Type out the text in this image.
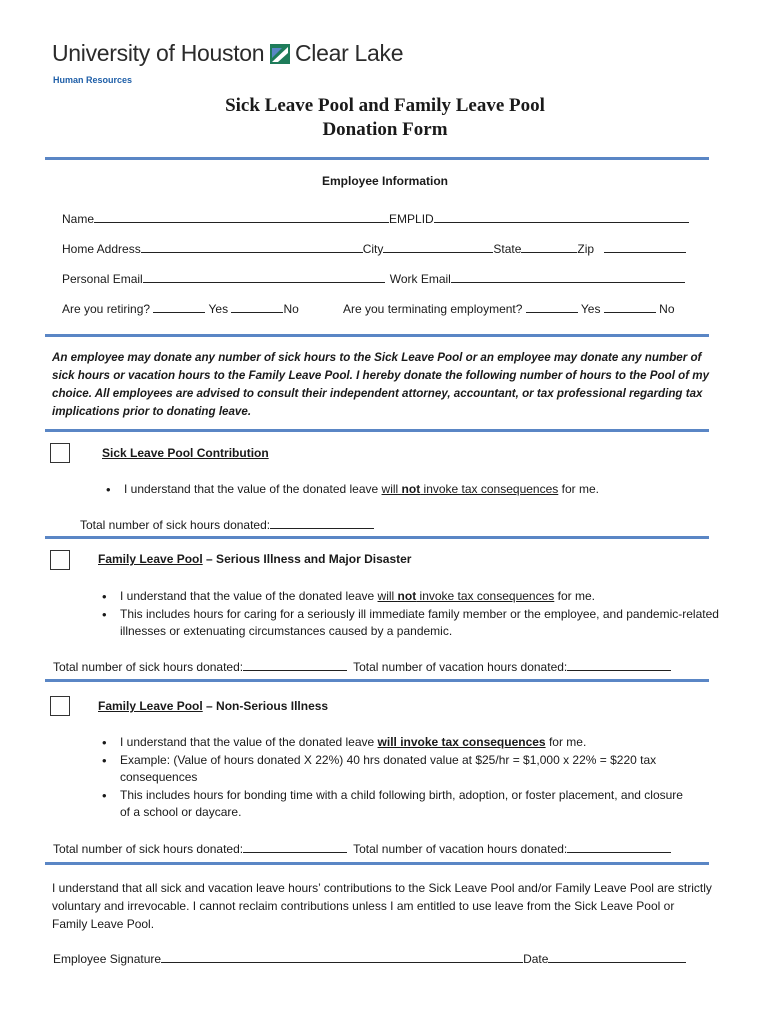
University of Houston Clear Lake
Human Resources
Sick Leave Pool and Family Leave Pool
Donation Form
Employee Information
Name	EMPLID
Home Address	City	State	Zip
Personal Email	Work Email
Are you retiring?	Yes	No	Are you terminating employment?	Yes	No
An employee may donate any number of sick hours to the Sick Leave Pool or an employee may donate any number of sick hours or vacation hours to the Family Leave Pool. I hereby donate the following number of hours to the Pool of my choice. All employees are advised to consult their independent attorney, accountant, or tax professional regarding tax implications prior to donating leave.
Sick Leave Pool Contribution
• I understand that the value of the donated leave will not invoke tax consequences for me.
Total number of sick hours donated:
Family Leave Pool – Serious Illness and Major Disaster
• I understand that the value of the donated leave will not invoke tax consequences for me.
• This includes hours for caring for a seriously ill immediate family member or the employee, and pandemic-related illnesses or extenuating circumstances caused by a pandemic.
Total number of sick hours donated:	Total number of vacation hours donated:
Family Leave Pool – Non-Serious Illness
• I understand that the value of the donated leave will invoke tax consequences for me.
• Example: (Value of hours donated X 22%) 40 hrs donated value at $25/hr = $1,000 x 22% = $220 tax consequences
• This includes hours for bonding time with a child following birth, adoption, or foster placement, and closure of a school or daycare.
Total number of sick hours donated:	Total number of vacation hours donated:
I understand that all sick and vacation leave hours’ contributions to the Sick Leave Pool and/or Family Leave Pool are strictly voluntary and irrevocable. I cannot reclaim contributions unless I am entitled to use leave from the Sick Leave Pool or Family Leave Pool.
Employee Signature	Date
